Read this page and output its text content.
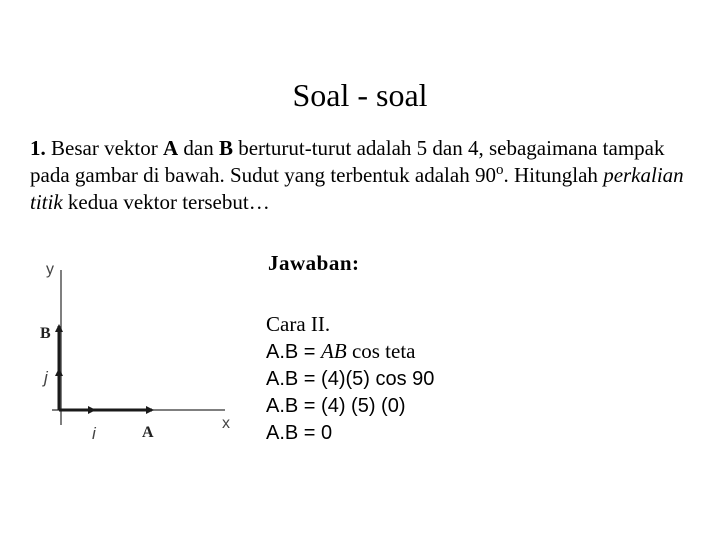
Soal - soal
1. Besar vektor A dan B berturut-turut adalah 5 dan 4, sebagaimana tampak pada gambar di bawah. Sudut yang terbentuk adalah 90$^o$. Hitunglah perkalian titik kedua vektor tersebut…
y
x
B
A
j
i
Jawaban:
Cara II.
A.B = AB cos teta
A.B = (4)(5) cos 90
A.B = (4) (5) (0)
A.B = 0
